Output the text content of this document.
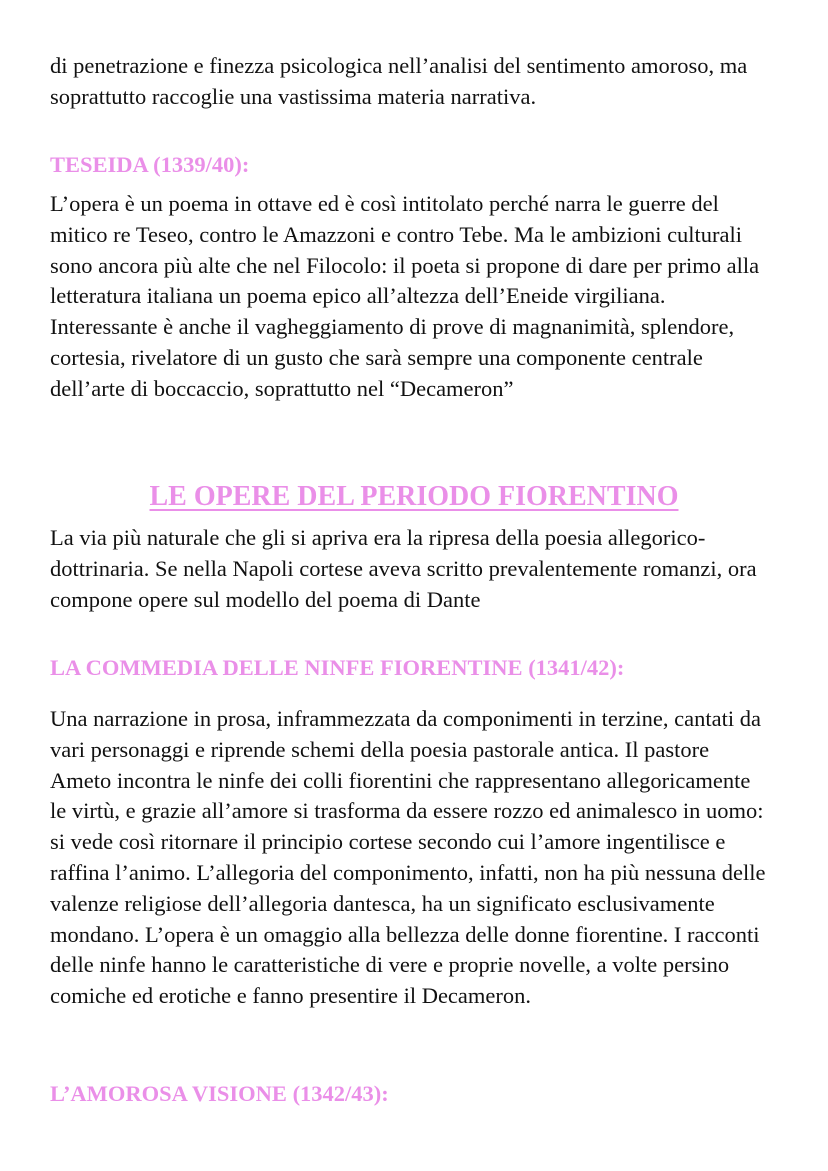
di penetrazione e finezza psicologica nell’analisi del sentimento amoroso, ma soprattutto raccoglie una vastissima materia narrativa.

TESEIDA (1339/40):

L’opera è un poema in ottave ed è così intitolato perché narra le guerre del mitico re Teseo, contro le Amazzoni e contro Tebe. Ma le ambizioni culturali sono ancora più alte che nel Filocolo: il poeta si propone di dare per primo alla letteratura italiana un poema epico all’altezza dell’Eneide virgiliana. Interessante è anche il vagheggiamento di prove di magnanimità, splendore, cortesia, rivelatore di un gusto che sarà sempre una componente centrale dell’arte di boccaccio, soprattutto nel “Decameron”

LE OPERE DEL PERIODO FIORENTINO

La via più naturale che gli si apriva era la ripresa della poesia allegorico-dottrinaria. Se nella Napoli cortese aveva scritto prevalentemente romanzi, ora compone opere sul modello del poema di Dante

LA COMMEDIA DELLE NINFE FIORENTINE (1341/42):

Una narrazione in prosa, inframmezzata da componimenti in terzine, cantati da vari personaggi e riprende schemi della poesia pastorale antica. Il pastore Ameto incontra le ninfe dei colli fiorentini che rappresentano allegoricamente le virtù, e grazie all’amore si trasforma da essere rozzo ed animalesco in uomo: si vede così ritornare il principio cortese secondo cui l’amore ingentilisce e raffina l’animo. L’allegoria del componimento, infatti, non ha più nessuna delle valenze religiose dell’allegoria dantesca, ha un significato esclusivamente mondano. L’opera è un omaggio alla bellezza delle donne fiorentine. I racconti delle ninfe hanno le caratteristiche di vere e proprie novelle, a volte persino comiche ed erotiche e fanno presentire il Decameron.

L’AMOROSA VISIONE (1342/43):
